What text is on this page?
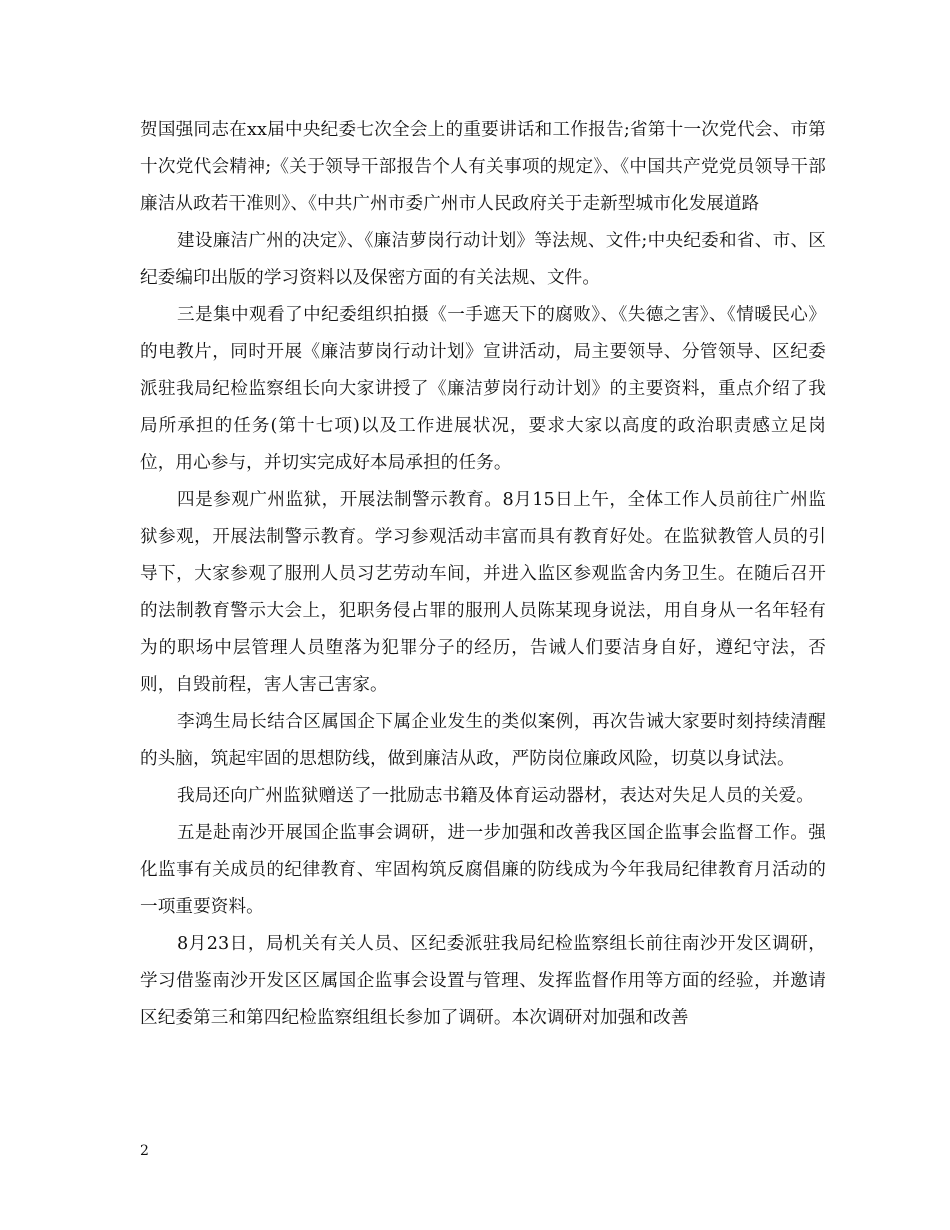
贺国强同志在xx届中央纪委七次全会上的重要讲话和工作报告;省第十一次党代会、市第十次党代会精神;《关于领导干部报告个人有关事项的规定》、《中国共产党党员领导干部廉洁从政若干准则》、《中共广州市委广州市人民政府关于走新型城市化发展道路

建设廉洁广州的决定》、《廉洁萝岗行动计划》等法规、文件;中央纪委和省、市、区纪委编印出版的学习资料以及保密方面的有关法规、文件。

三是集中观看了中纪委组织拍摄《一手遮天下的腐败》、《失德之害》、《情暖民心》的电教片，同时开展《廉洁萝岗行动计划》宣讲活动，局主要领导、分管领导、区纪委派驻我局纪检监察组长向大家讲授了《廉洁萝岗行动计划》的主要资料，重点介绍了我局所承担的任务(第十七项)以及工作进展状况，要求大家以高度的政治职责感立足岗位，用心参与，并切实完成好本局承担的任务。

四是参观广州监狱，开展法制警示教育。8月15日上午，全体工作人员前往广州监狱参观，开展法制警示教育。学习参观活动丰富而具有教育好处。在监狱教管人员的引导下，大家参观了服刑人员习艺劳动车间，并进入监区参观监舍内务卫生。在随后召开的法制教育警示大会上，犯职务侵占罪的服刑人员陈某现身说法，用自身从一名年轻有为的职场中层管理人员堕落为犯罪分子的经历，告诫人们要洁身自好，遵纪守法，否则，自毁前程，害人害己害家。

李鸿生局长结合区属国企下属企业发生的类似案例，再次告诫大家要时刻持续清醒的头脑，筑起牢固的思想防线，做到廉洁从政，严防岗位廉政风险，切莫以身试法。

我局还向广州监狱赠送了一批励志书籍及体育运动器材，表达对失足人员的关爱。

五是赴南沙开展国企监事会调研，进一步加强和改善我区国企监事会监督工作。强化监事有关成员的纪律教育、牢固构筑反腐倡廉的防线成为今年我局纪律教育月活动的一项重要资料。

8月23日，局机关有关人员、区纪委派驻我局纪检监察组长前往南沙开发区调研，学习借鉴南沙开发区区属国企监事会设置与管理、发挥监督作用等方面的经验，并邀请区纪委第三和第四纪检监察组组长参加了调研。本次调研对加强和改善

2
